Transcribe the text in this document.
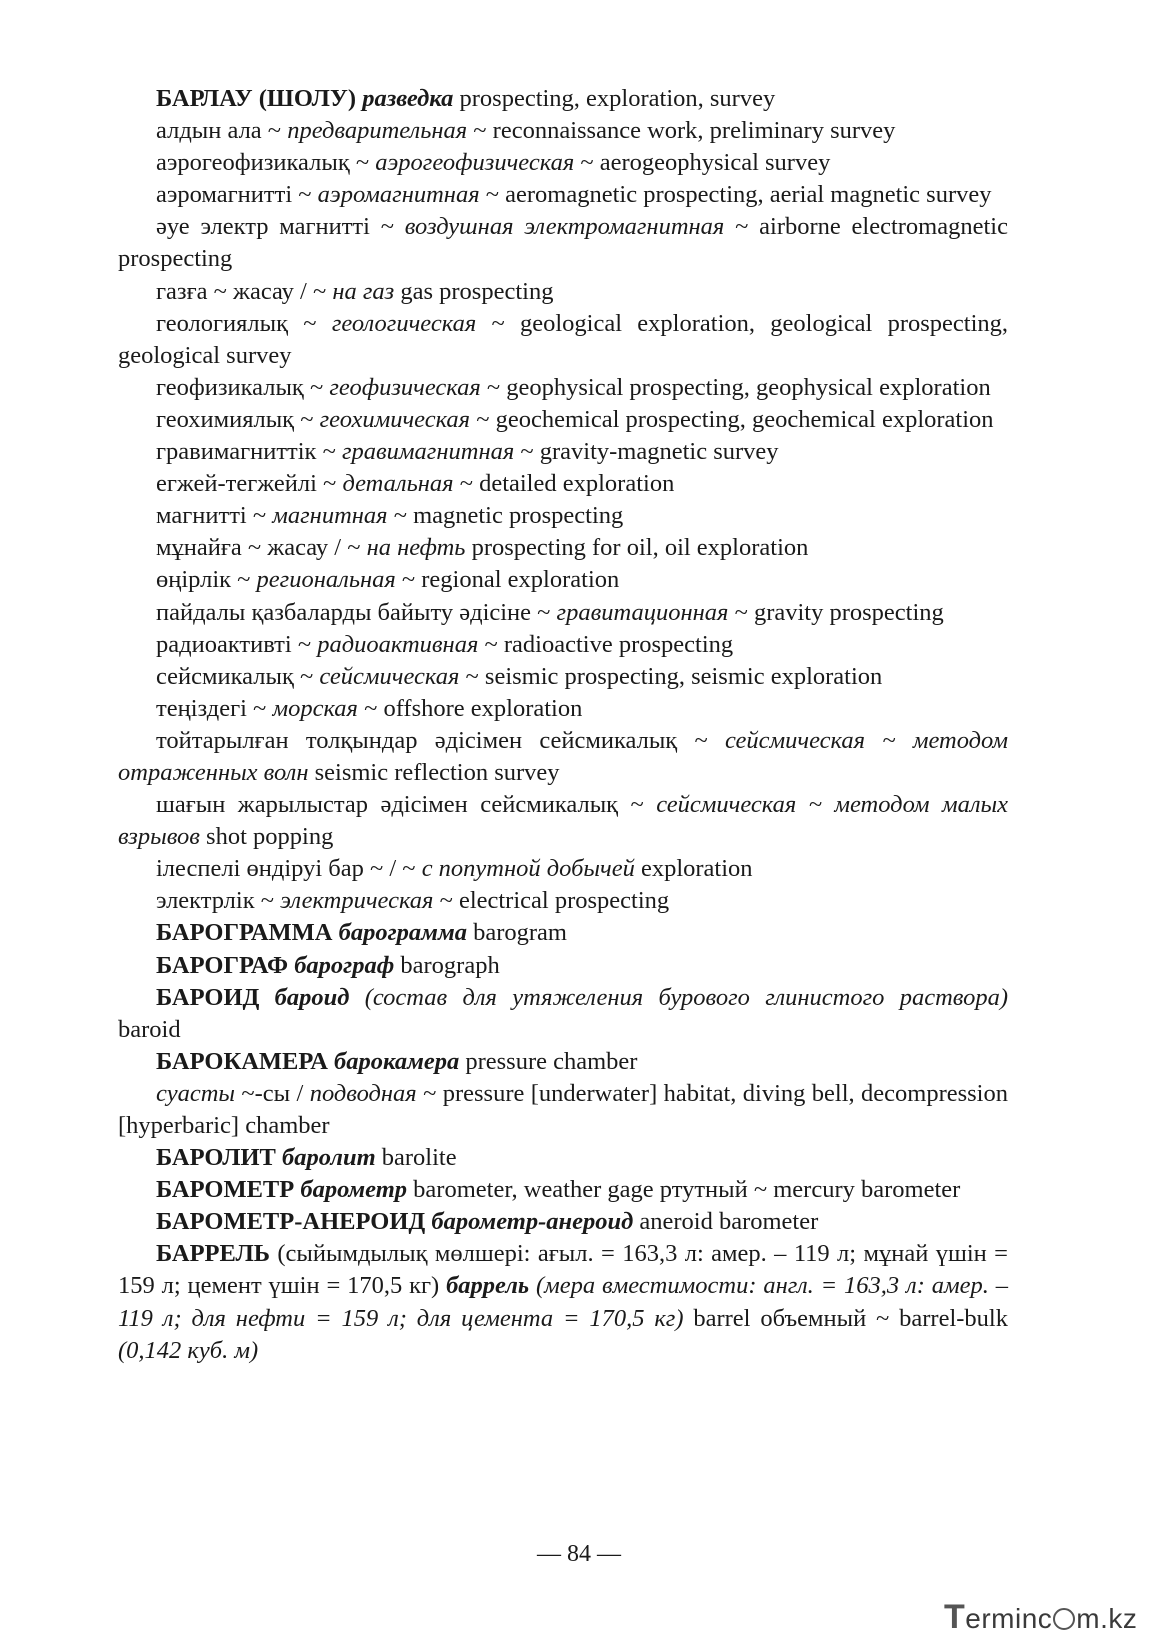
БАРЛАУ (ШОЛУ) разведка prospecting, exploration, survey

алдын ала ~ предварительная ~ reconnaissance work, preliminary survey

аэрогеофизикалық ~ аэрогеофизическая ~ aerogeophysical survey

аэромагнитті ~ аэромагнитная ~ aeromagnetic prospecting, aerial magnetic survey

әуе электр магнитті ~ воздушная электромагнитная ~ airborne electromagnetic prospecting

газға ~ жасау / ~ на газ gas prospecting

геологиялық ~ геологическая ~ geological exploration, geological prospecting, geological survey

геофизикалық ~ геофизическая ~ geophysical prospecting, geophysical exploration

геохимиялық ~ геохимическая ~ geochemical prospecting, geochemical exploration

гравимагниттік ~ гравимагнитная ~ gravity-magnetic survey

егжей-тегжейлі ~ детальная ~ detailed exploration

магнитті ~ магнитная ~ magnetic prospecting

мұнайға ~ жасау / ~ на нефть prospecting for oil, oil exploration

өңірлік ~ региональная ~ regional exploration

пайдалы қазбаларды байыту әдісіне ~ гравитационная ~ gravity prospecting

радиоактивті ~ радиоактивная ~ radioactive prospecting

сейсмикалық ~ сейсмическая ~ seismic prospecting, seismic exploration

теңіздегі ~ морская ~ offshore exploration

тойтарылған толқындар әдісімен сейсмикалық ~ сейсмическая ~ методом отраженных волн seismic reflection survey

шағын жарылыстар әдісімен сейсмикалық ~ сейсмическая ~ методом малых взрывов shot popping

ілеспелі өндіруі бар ~ / ~ с попутной добычей exploration

электрлік ~ электрическая ~ electrical prospecting

БАРОГРАММА барограмма barogram

БАРОГРАФ барограф barograph

БАРОИД бароид (состав для утяжеления бурового глинистого раствора) baroid

БАРОКАМЕРА барокамера pressure chamber

суасты ~-сы / подводная ~ pressure [underwater] habitat, diving bell, decompression [hyperbaric] chamber

БАРОЛИТ баролит barolite

БАРОМЕТР барометр barometer, weather gage ртутный ~ mercury barometer

БАРОМЕТР-АНЕРОИД барометр-анероид aneroid barometer

БАРРЕЛЬ (сыйымдылық мөлшері: ағыл. = 163,3 л: амер. – 119 л; мұнай үшін = 159 л; цемент үшін = 170,5 кг) баррель (мера вместимости: англ. = 163,3 л: амер. – 119 л; для нефти = 159 л; для цемента = 170,5 кг) barrel объемный ~ barrel-bulk (0,142 куб. м)

— 84 —
Terminc m.kz
